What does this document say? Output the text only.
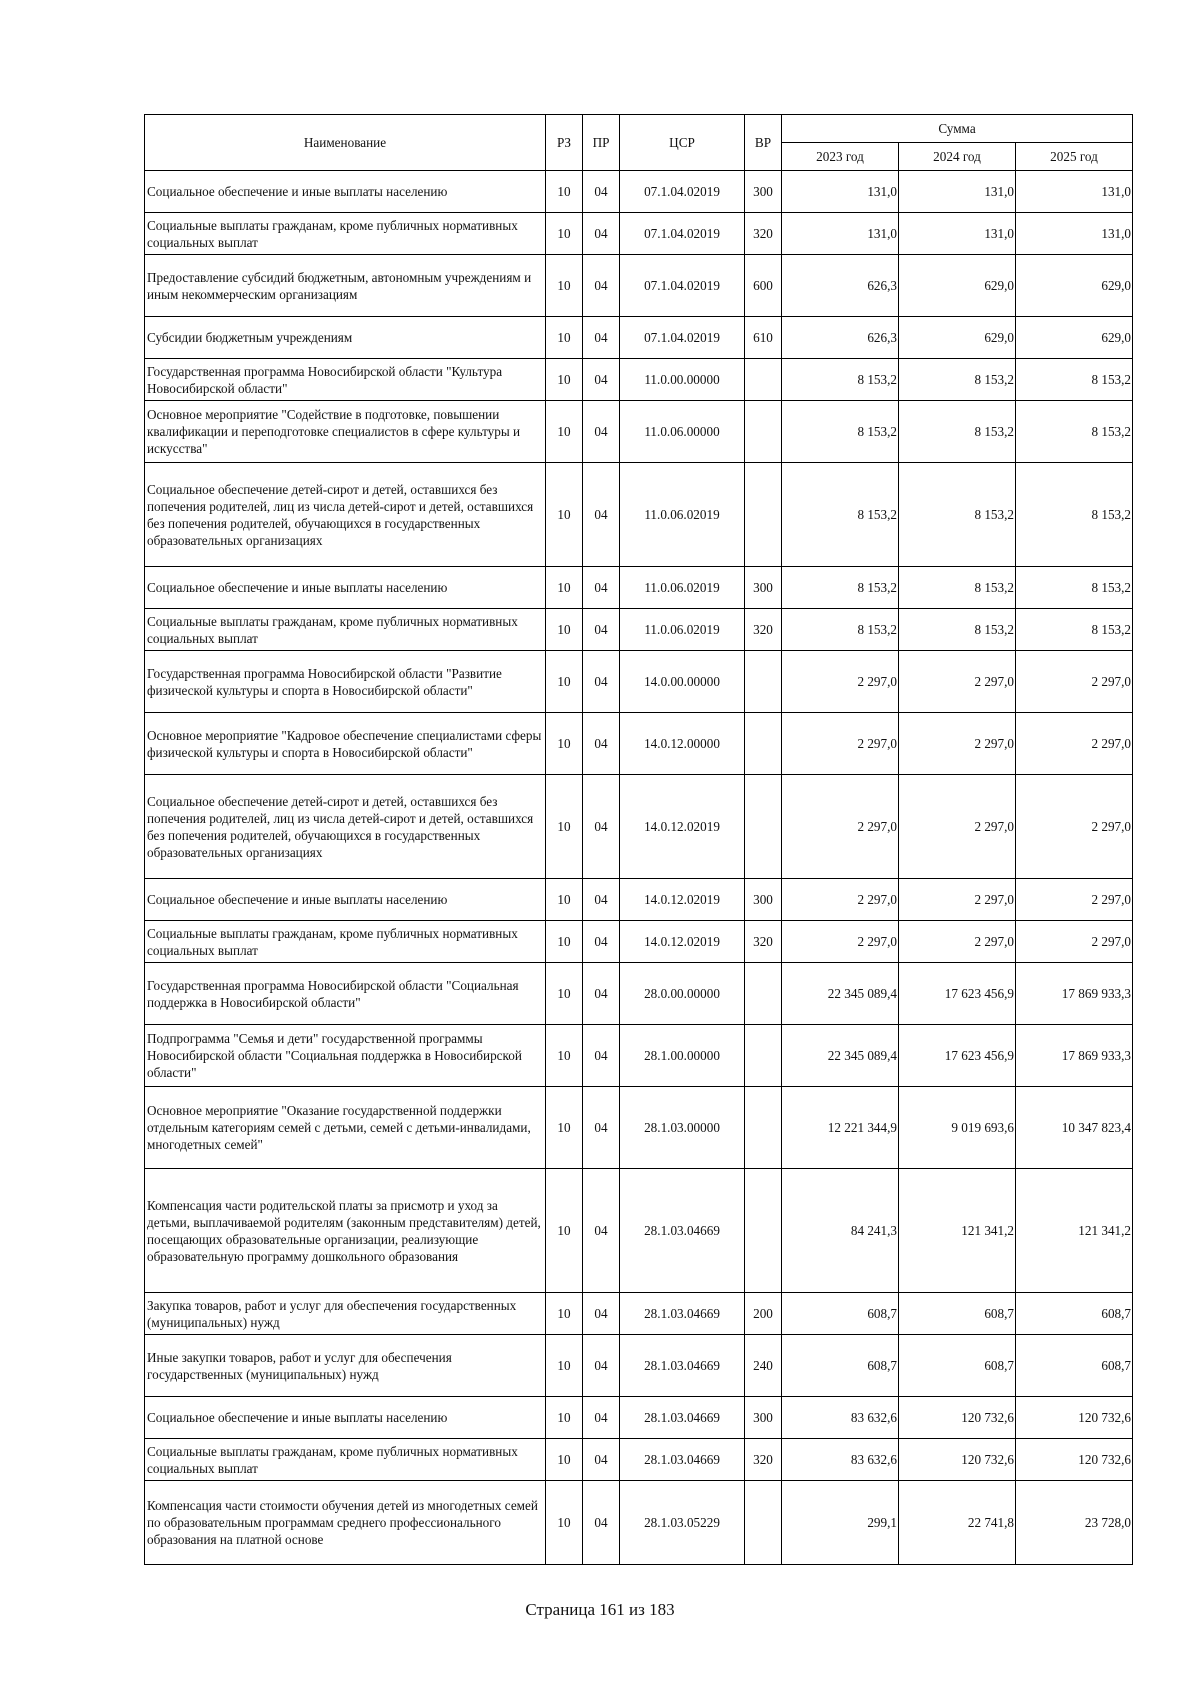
Наименование	РЗ	ПР	ЦСР	ВР	Сумма		
					2023 год	2024 год	2025 год
Социальное обеспечение и иные выплаты населению	10	04	07.1.04.02019	300	131,0	131,0	131,0
Социальные выплаты гражданам, кроме публичных нормативных социальных выплат	10	04	07.1.04.02019	320	131,0	131,0	131,0
Предоставление субсидий бюджетным, автономным учреждениям и иным некоммерческим организациям	10	04	07.1.04.02019	600	626,3	629,0	629,0
Субсидии бюджетным учреждениям	10	04	07.1.04.02019	610	626,3	629,0	629,0
Государственная программа Новосибирской области "Культура Новосибирской области"	10	04	11.0.00.00000		8 153,2	8 153,2	8 153,2
Основное мероприятие "Содействие в подготовке, повышении квалификации и переподготовке специалистов в сфере культуры и искусства"	10	04	11.0.06.00000		8 153,2	8 153,2	8 153,2
Социальное обеспечение детей-сирот и детей, оставшихся без попечения родителей, лиц из числа детей-сирот и детей, оставшихся без попечения родителей, обучающихся в государственных образовательных организациях	10	04	11.0.06.02019		8 153,2	8 153,2	8 153,2
Социальное обеспечение и иные выплаты населению	10	04	11.0.06.02019	300	8 153,2	8 153,2	8 153,2
Социальные выплаты гражданам, кроме публичных нормативных социальных выплат	10	04	11.0.06.02019	320	8 153,2	8 153,2	8 153,2
Государственная программа Новосибирской области "Развитие физической культуры и спорта в Новосибирской области"	10	04	14.0.00.00000		2 297,0	2 297,0	2 297,0
Основное мероприятие "Кадровое обеспечение специалистами сферы физической культуры и спорта в Новосибирской области"	10	04	14.0.12.00000		2 297,0	2 297,0	2 297,0
Социальное обеспечение детей-сирот и детей, оставшихся без попечения родителей, лиц из числа детей-сирот и детей, оставшихся без попечения родителей, обучающихся в государственных образовательных организациях	10	04	14.0.12.02019		2 297,0	2 297,0	2 297,0
Социальное обеспечение и иные выплаты населению	10	04	14.0.12.02019	300	2 297,0	2 297,0	2 297,0
Социальные выплаты гражданам, кроме публичных нормативных социальных выплат	10	04	14.0.12.02019	320	2 297,0	2 297,0	2 297,0
Государственная программа Новосибирской области "Социальная поддержка в Новосибирской области"	10	04	28.0.00.00000		22 345 089,4	17 623 456,9	17 869 933,3
Подпрограмма "Семья и дети" государственной программы Новосибирской области "Социальная поддержка в Новосибирской области"	10	04	28.1.00.00000		22 345 089,4	17 623 456,9	17 869 933,3
Основное мероприятие "Оказание государственной поддержки отдельным категориям семей с детьми, семей с детьми-инвалидами, многодетных семей"	10	04	28.1.03.00000		12 221 344,9	9 019 693,6	10 347 823,4
Компенсация части родительской платы за присмотр и уход за детьми, выплачиваемой родителям (законным представителям) детей, посещающих образовательные организации, реализующие образовательную программу дошкольного образования	10	04	28.1.03.04669		84 241,3	121 341,2	121 341,2
Закупка товаров, работ и услуг для обеспечения государственных (муниципальных) нужд	10	04	28.1.03.04669	200	608,7	608,7	608,7
Иные закупки товаров, работ и услуг для обеспечения государственных (муниципальных) нужд	10	04	28.1.03.04669	240	608,7	608,7	608,7
Социальное обеспечение и иные выплаты населению	10	04	28.1.03.04669	300	83 632,6	120 732,6	120 732,6
Социальные выплаты гражданам, кроме публичных нормативных социальных выплат	10	04	28.1.03.04669	320	83 632,6	120 732,6	120 732,6
Компенсация части стоимости обучения детей из многодетных семей по образовательным программам среднего профессионального образования на платной основе	10	04	28.1.03.05229		299,1	22 741,8	23 728,0
Страница 161 из 183
